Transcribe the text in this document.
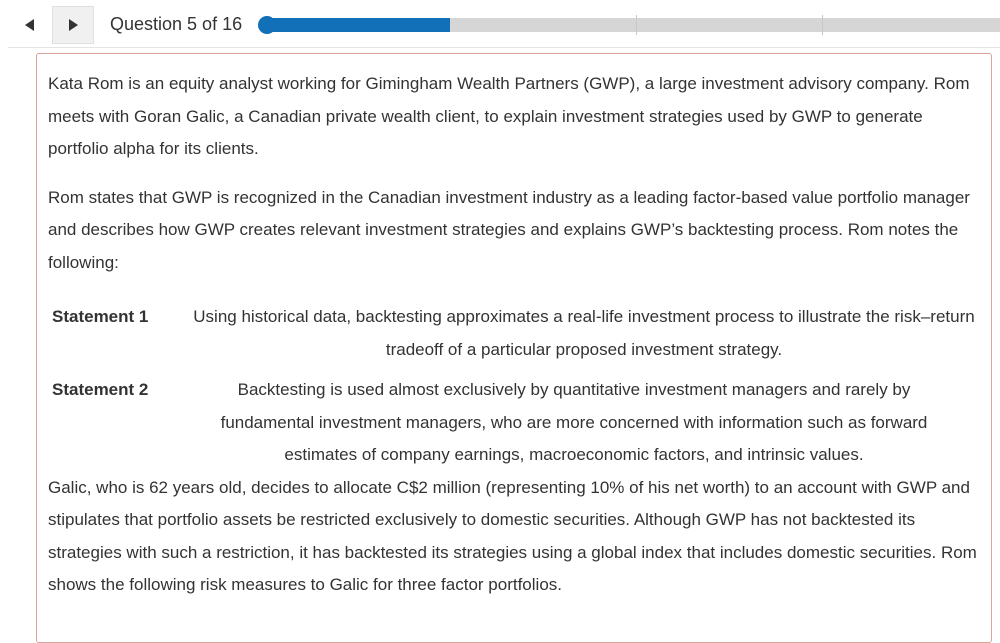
Question 5 of 16

Kata Rom is an equity analyst working for Gimingham Wealth Partners (GWP), a large investment advisory company. Rom meets with Goran Galic, a Canadian private wealth client, to explain investment strategies used by GWP to generate portfolio alpha for its clients.

Rom states that GWP is recognized in the Canadian investment industry as a leading factor-based value portfolio manager and describes how GWP creates relevant investment strategies and explains GWP’s backtesting process. Rom notes the following:

Statement 1	Using historical data, backtesting approximates a real-life investment process to illustrate the risk–return tradeoff of a particular proposed investment strategy.
Statement 2	Backtesting is used almost exclusively by quantitative investment managers and rarely by fundamental investment managers, who are more concerned with information such as forward estimates of company earnings, macroeconomic factors, and intrinsic values.

Galic, who is 62 years old, decides to allocate C$2 million (representing 10% of his net worth) to an account with GWP and stipulates that portfolio assets be restricted exclusively to domestic securities. Although GWP has not backtested its strategies with such a restriction, it has backtested its strategies using a global index that includes domestic securities. Rom shows the following risk measures to Galic for three factor portfolios.
